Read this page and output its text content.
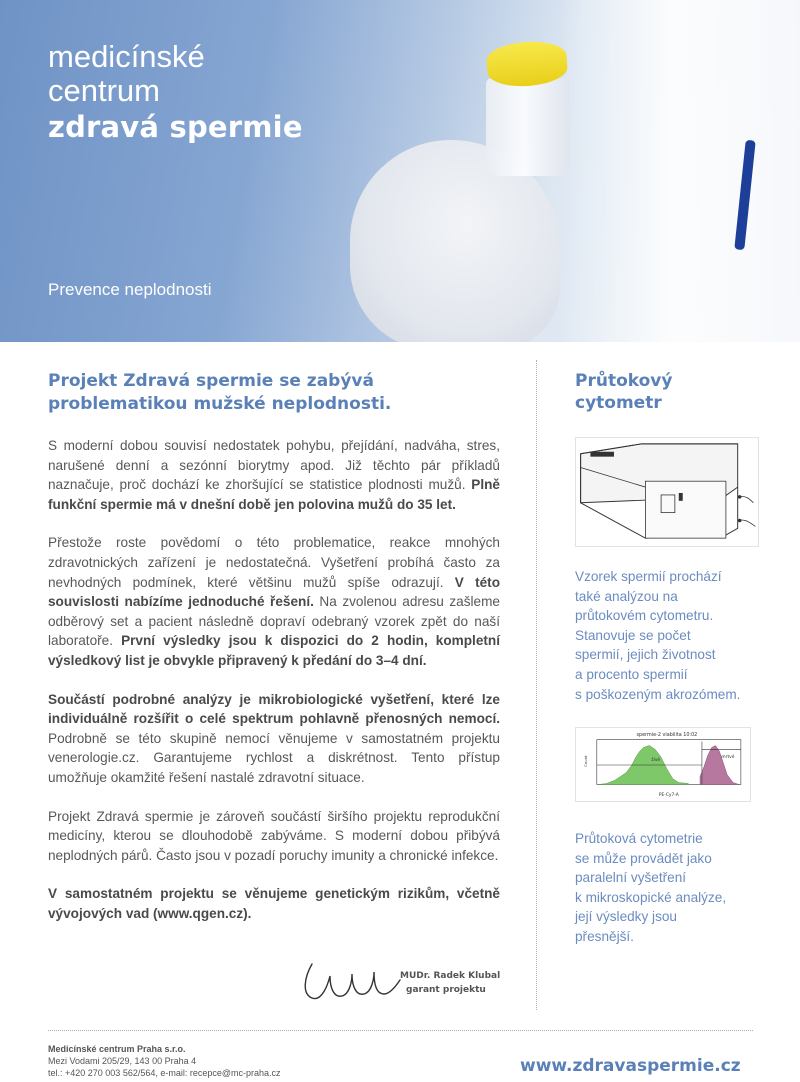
medicínské
centrum
zdravá spermie
Prevence neplodnosti
Projekt Zdravá spermie se zabývá problematikou mužské neplodnosti.

S moderní dobou souvisí nedostatek pohybu, přejídání, nadváha, stres, narušené denní a sezónní biorytmy apod. Již těchto pár příkladů naznačuje, proč dochází ke zhoršující se statistice plodnosti mužů. Plně funkční spermie má v dnešní době jen polovina mužů do 35 let.

Přestože roste povědomí o této problematice, reakce mnohých zdravotnických zařízení je nedostatečná. Vyšetření probíhá často za nevhodných podmínek, které většinu mužů spíše odrazují. V této souvislosti nabízíme jednoduché řešení. Na zvolenou adresu zašleme odběrový set a pacient následně dopraví odebraný vzorek zpět do naší laboratoře. První výsledky jsou k dispozici do 2 hodin, kompletní výsledkový list je obvykle připravený k předání do 3–4 dní.

Součástí podrobné analýzy je mikrobiologické vyšetření, které lze individuálně rozšířit o celé spektrum pohlavně přenosných nemocí. Podrobně se této skupině nemocí věnujeme v samostatném projektu venerologie.cz. Garantujeme rychlost a diskrétnost. Tento přístup umožňuje okamžité řešení nastalé zdravotní situace.

Projekt Zdravá spermie je zároveň součástí širšího projektu reprodukční medicíny, kterou se dlouhodobě zabýváme. S moderní dobou přibývá neplodných párů. Často jsou v pozadí poruchy imunity a chronické infekce.

V samostatném projektu se věnujeme genetickým rizikům, včetně vývojových vad (www.qgen.cz).

MUDr. Radek Klubal
garant projektu
Průtokový
cytometr
Vzorek spermií prochází
také analýzou na
průtokovém cytometru.
Stanovuje se počet
spermií, jejich životnost
a procento spermií
s poškozeným akrozómem.
spermie-2 viabilita 10:02
živé
mrtvé
Count
PE-Cy7-A
Průtoková cytometrie
se může provádět jako
paralelní vyšetření
k mikroskopické analýze,
její výsledky jsou
přesnější.
Medicínské centrum Praha s.r.o.
Mezi Vodami 205/29, 143 00 Praha 4
tel.: +420 270 003 562/564, e-mail: recepce@mc-praha.cz	www.zdravaspermie.cz
